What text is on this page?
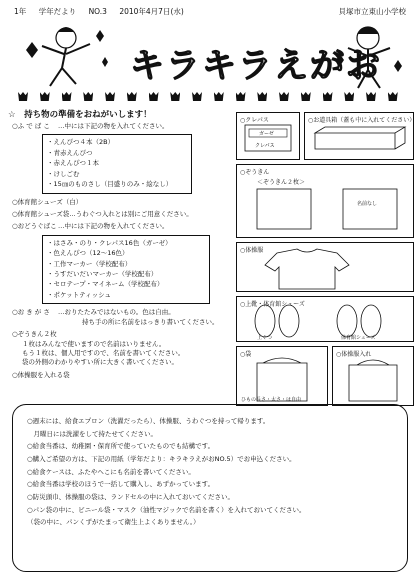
1年 学年だより NO.3 2010年4月7日(水)	貝塚市立東山小学校
キラキラえがお
☆　持ち物の準備をおねがいします！
○ふ で ば こ …中には下記の物を入れてください。
・えんぴつ４本（2B）
・青赤えんぴつ
・赤えんぴつ１本
・けしごむ
・15㎝のものさし（目盛りのみ・絵なし）
○体育館シューズ（白）
○体育館シューズ袋…うわぐつ入れとは別にご用意ください。
○おどうぐばこ…中には下記の物を入れてください。
・はさみ・のり・クレパス16色（ガーゼ）
・色えんぴつ（12～16色）
・工作マーカー（学校配布）
・うすだいだいマーカー（学校配布）
・セロテープ・マイネーム（学校配布）
・ポケットティッシュ
○お き が さ …おりたたみではないもの。色は自由。
持ち手の所に名前をはっきり書いてください。
○ぞうきん２枚
１枚はみんなで使いますので名前はいりません。
もう１枚は、個人用ですので、名前を書いてください。
袋の外側のわかりやすい所に大きく書いてください。
○体操服を入れる袋
○クレパス
ガーゼ
クレパス
○お道具箱（蓋も中に入れてください）
○ぞうきん
＜ぞうきん２枚＞
名前なし
○体操服
○上靴・体育館シューズ
上ぐつ	体育館シューズ
○袋
ひもの長さ・太さ・は自由
○体操服入れ
○週末には、給食エプロン（洗濯だったら）、体操服、うわぐつを持って帰ります。
　月曜日には洗濯をして持たせてください。
○給食当番は、幼稚園・保育所で使っていたものでも結構です。
○購入ご希望の方は、下記の用紙（学年だより：キラキラえがおNO.5）でお申込ください。
○給食ケースは、ふたやへこにも名前を書いてください。
○給食当番は学校のほうで一括して購入し、あずかっています。
○防災頭巾、体操服の袋は、ランドセルの中に入れておいてください。
○パン袋の中に、ビニール袋・マスク（油性マジックで名前を書く）を入れておいてください。
（袋の中に、パンくずがたまって衛生上よくありません。）
